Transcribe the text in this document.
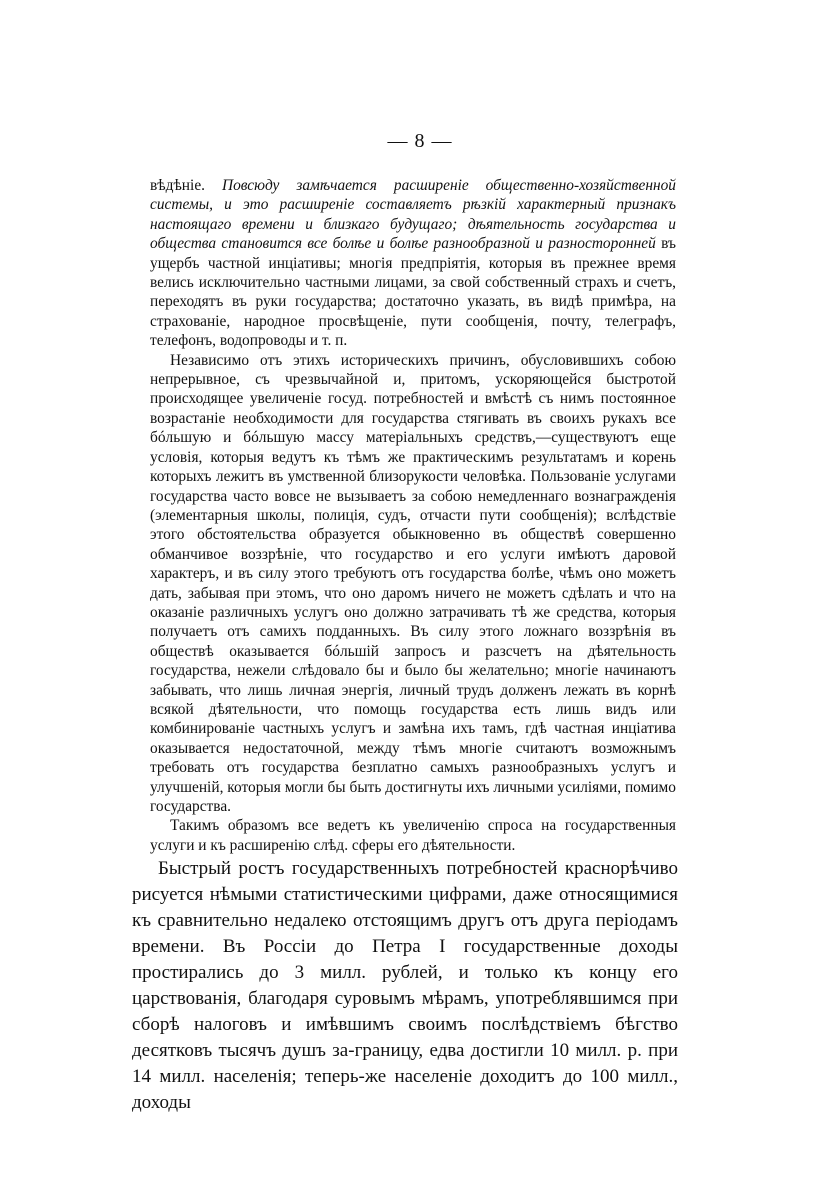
— 8 —

вѣдѣніе. Повсюду замѣчается расширеніе общественно-хозяйственной системы, и это расширеніе составляетъ рѣзкій характерный признакъ настоящаго времени и близкаго будущаго; дѣятельность государства и общества становится все болѣе и болѣе разнообразной и разносторонней въ ущербъ частной инціативы; многія предпріятія, которыя въ прежнее время велись исключительно частными лицами, за свой собственный страхъ и счетъ, переходятъ въ руки государства; достаточно указать, въ видѣ примѣра, на страхованіе, народное просвѣщеніе, пути сообщенія, почту, телеграфъ, телефонъ, водопроводы и т. п.

Независимо отъ этихъ историческихъ причинъ, обусловившихъ собою непрерывное, съ чрезвычайной и, притомъ, ускоряющейся быстротой происходящее увеличеніе госуд. потребностей и вмѣстѣ съ нимъ постоянное возрастаніе необходимости для государства стягивать въ своихъ рукахъ все бóльшую и бóльшую массу матеріальныхъ средствъ,—существуютъ еще условія, которыя ведутъ къ тѣмъ же практическимъ результатамъ и корень которыхъ лежитъ въ умственной близорукости человѣка. Пользованіе услугами государства часто вовсе не вызываетъ за собою немедленнаго вознагражденія (элементарныя школы, полиція, судъ, отчасти пути сообщенія); вслѣдствіе этого обстоятельства образуется обыкновенно въ обществѣ совершенно обманчивое воззрѣніе, что государство и его услуги имѣютъ даровой характеръ, и въ силу этого требуютъ отъ государства болѣе, чѣмъ оно можетъ дать, забывая при этомъ, что оно даромъ ничего не можетъ сдѣлать и что на оказаніе различныхъ услугъ оно должно затрачивать тѣ же средства, которыя получаетъ отъ самихъ подданныхъ. Въ силу этого ложнаго воззрѣнія въ обществѣ оказывается бóльшій запросъ и разсчетъ на дѣятельность государства, нежели слѣдовало бы и было бы желательно; многіе начинаютъ забывать, что лишь личная энергія, личный трудъ долженъ лежать въ корнѣ всякой дѣятельности, что помощь государства есть лишь видъ или комбинированіе частныхъ услугъ и замѣна ихъ тамъ, гдѣ частная инціатива оказывается недостаточной, между тѣмъ многіе считаютъ возможнымъ требовать отъ государства безплатно самыхъ разнообразныхъ услугъ и улучшеній, которыя могли бы быть достигнуты ихъ личными усиліями, помимо государства.

Такимъ образомъ все ведетъ къ увеличенію спроса на государственныя услуги и къ расширенію слѣд. сферы его дѣятельности.

Быстрый ростъ государственныхъ потребностей краснорѣчиво рисуется нѣмыми статистическими цифрами, даже относящимися къ сравнительно недалеко отстоящимъ другъ отъ друга періодамъ времени. Въ Россіи до Петра I государственные доходы простирались до 3 милл. рублей, и только къ концу его царствованія, благодаря суровымъ мѣрамъ, употреблявшимся при сборѣ налоговъ и имѣвшимъ своимъ послѣдствіемъ бѣгство десятковъ тысячъ душъ за-границу, едва достигли 10 милл. р. при 14 милл. населенія; теперь-же населеніе доходитъ до 100 милл., доходы
